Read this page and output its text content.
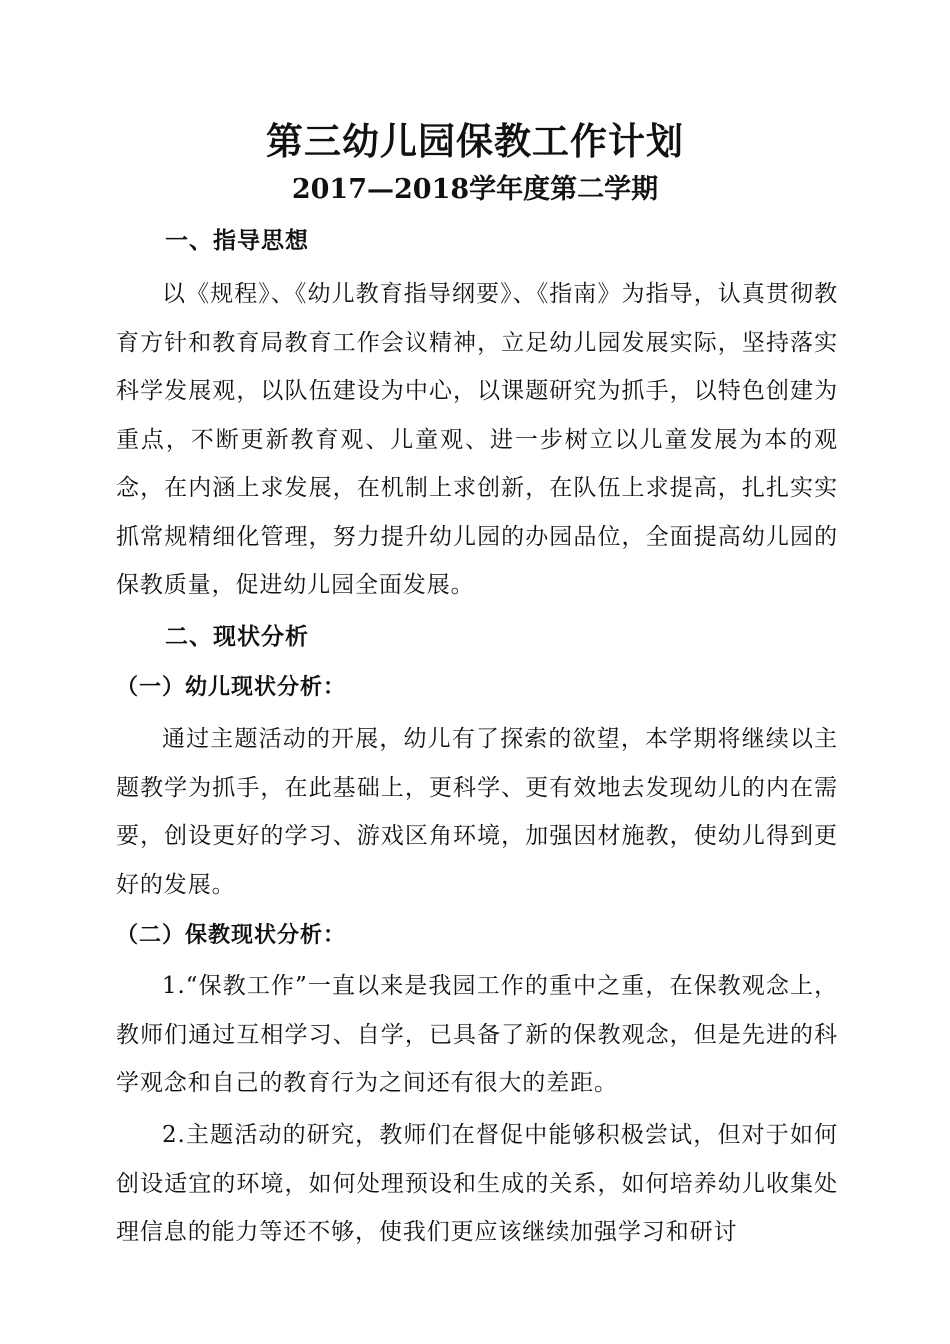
第三幼儿园保教工作计划
2017—2018学年度第二学期
一、指导思想
以《规程》、《幼儿教育指导纲要》、《指南》为指导，认真贯彻教育方针和教育局教育工作会议精神，立足幼儿园发展实际，坚持落实科学发展观，以队伍建设为中心，以课题研究为抓手，以特色创建为重点，不断更新教育观、儿童观、进一步树立以儿童发展为本的观念，在内涵上求发展，在机制上求创新，在队伍上求提高，扎扎实实抓常规精细化管理，努力提升幼儿园的办园品位，全面提高幼儿园的保教质量，促进幼儿园全面发展。
二、现状分析
（一）幼儿现状分析：
通过主题活动的开展，幼儿有了探索的欲望，本学期将继续以主题教学为抓手，在此基础上，更科学、更有效地去发现幼儿的内在需要，创设更好的学习、游戏区角环境，加强因材施教，使幼儿得到更好的发展。
（二）保教现状分析：
1.“保教工作”一直以来是我园工作的重中之重，在保教观念上，教师们通过互相学习、自学，已具备了新的保教观念，但是先进的科学观念和自己的教育行为之间还有很大的差距。
2.主题活动的研究，教师们在督促中能够积极尝试，但对于如何创设适宜的环境，如何处理预设和生成的关系，如何培养幼儿收集处理信息的能力等还不够，使我们更应该继续加强学习和研讨
